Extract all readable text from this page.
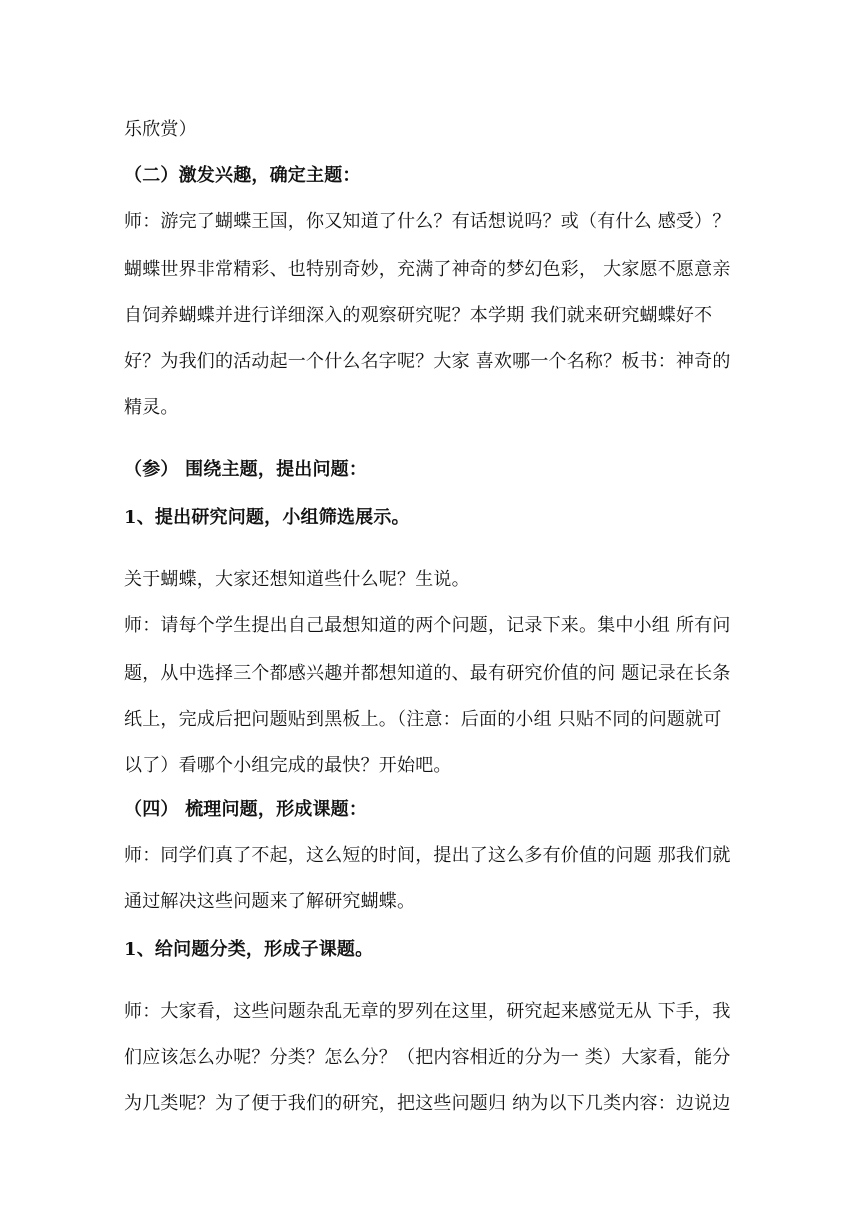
乐欣赏）
（二）激发兴趣，确定主题：
师：游完了蝴蝶王国，你又知道了什么？有话想说吗？或（有什么 感受）？
蝴蝶世界非常精彩、也特别奇妙，充满了神奇的梦幻色彩， 大家愿不愿意亲
自饲养蝴蝶并进行详细深入的观察研究呢？本学期 我们就来研究蝴蝶好不
好？为我们的活动起一个什么名字呢？大家 喜欢哪一个名称？板书：神奇的
精灵。
（参） 围绕主题，提出问题：
1、提出研究问题，小组筛选展示。
关于蝴蝶，大家还想知道些什么呢？生说。
师：请每个学生提出自己最想知道的两个问题，记录下来。集中小组 所有问
题，从中选择三个都感兴趣并都想知道的、最有研究价值的问 题记录在长条
纸上，完成后把问题贴到黑板上。（注意：后面的小组 只贴不同的问题就可
以了）看哪个小组完成的最快？开始吧。
（四） 梳理问题，形成课题：
师：同学们真了不起，这么短的时间，提出了这么多有价值的问题 那我们就
通过解决这些问题来了解研究蝴蝶。
1、给问题分类，形成子课题。
师：大家看，这些问题杂乱无章的罗列在这里，研究起来感觉无从 下手，我
们应该怎么办呢？分类？怎么分？（把内容相近的分为一 类）大家看，能分
为几类呢？为了便于我们的研究，把这些问题归 纳为以下几类内容：边说边
